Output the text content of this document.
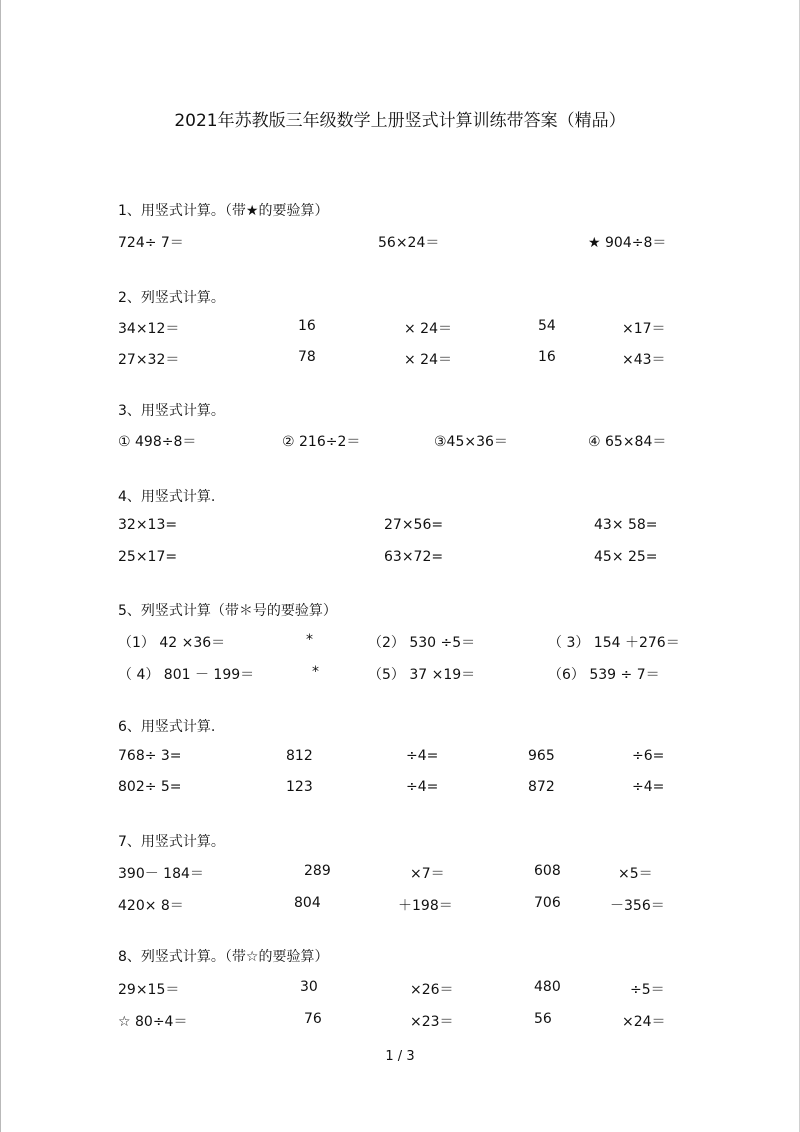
2021年苏教版三年级数学上册竖式计算训练带答案（精品）
1、用竖式计算。（带★的要验算）
724÷ 7＝	56×24＝	★ 904÷8＝
2、列竖式计算。
34×12＝	16	× 24＝	54	×17＝
27×32＝	78	× 24＝	16	×43＝
3、用竖式计算。
① 498÷8＝	② 216÷2＝	③45×36＝	④ 65×84＝
4、用竖式计算.
32×13=	27×56=	43× 58=
25×17=	63×72=	45× 25=
5、列竖式计算（带＊号的要验算）
（1） 42 ×36＝	*	（2） 530 ÷5＝	（ 3） 154 ＋276＝
（ 4） 801 － 199＝	*	（5） 37 ×19＝	（6） 539 ÷ 7＝
6、用竖式计算.
768÷ 3=	812	÷4=	965	÷6=
802÷ 5=	123	÷4=	872	÷4=
7、用竖式计算。
390－ 184＝	289	×7＝	608	×5＝
420× 8＝	804	＋198＝	706	－356＝
8、列竖式计算。（带☆的要验算）
29×15＝	30	×26＝	480	÷5＝
☆ 80÷4＝	76	×23＝	56	×24＝
1 / 3
